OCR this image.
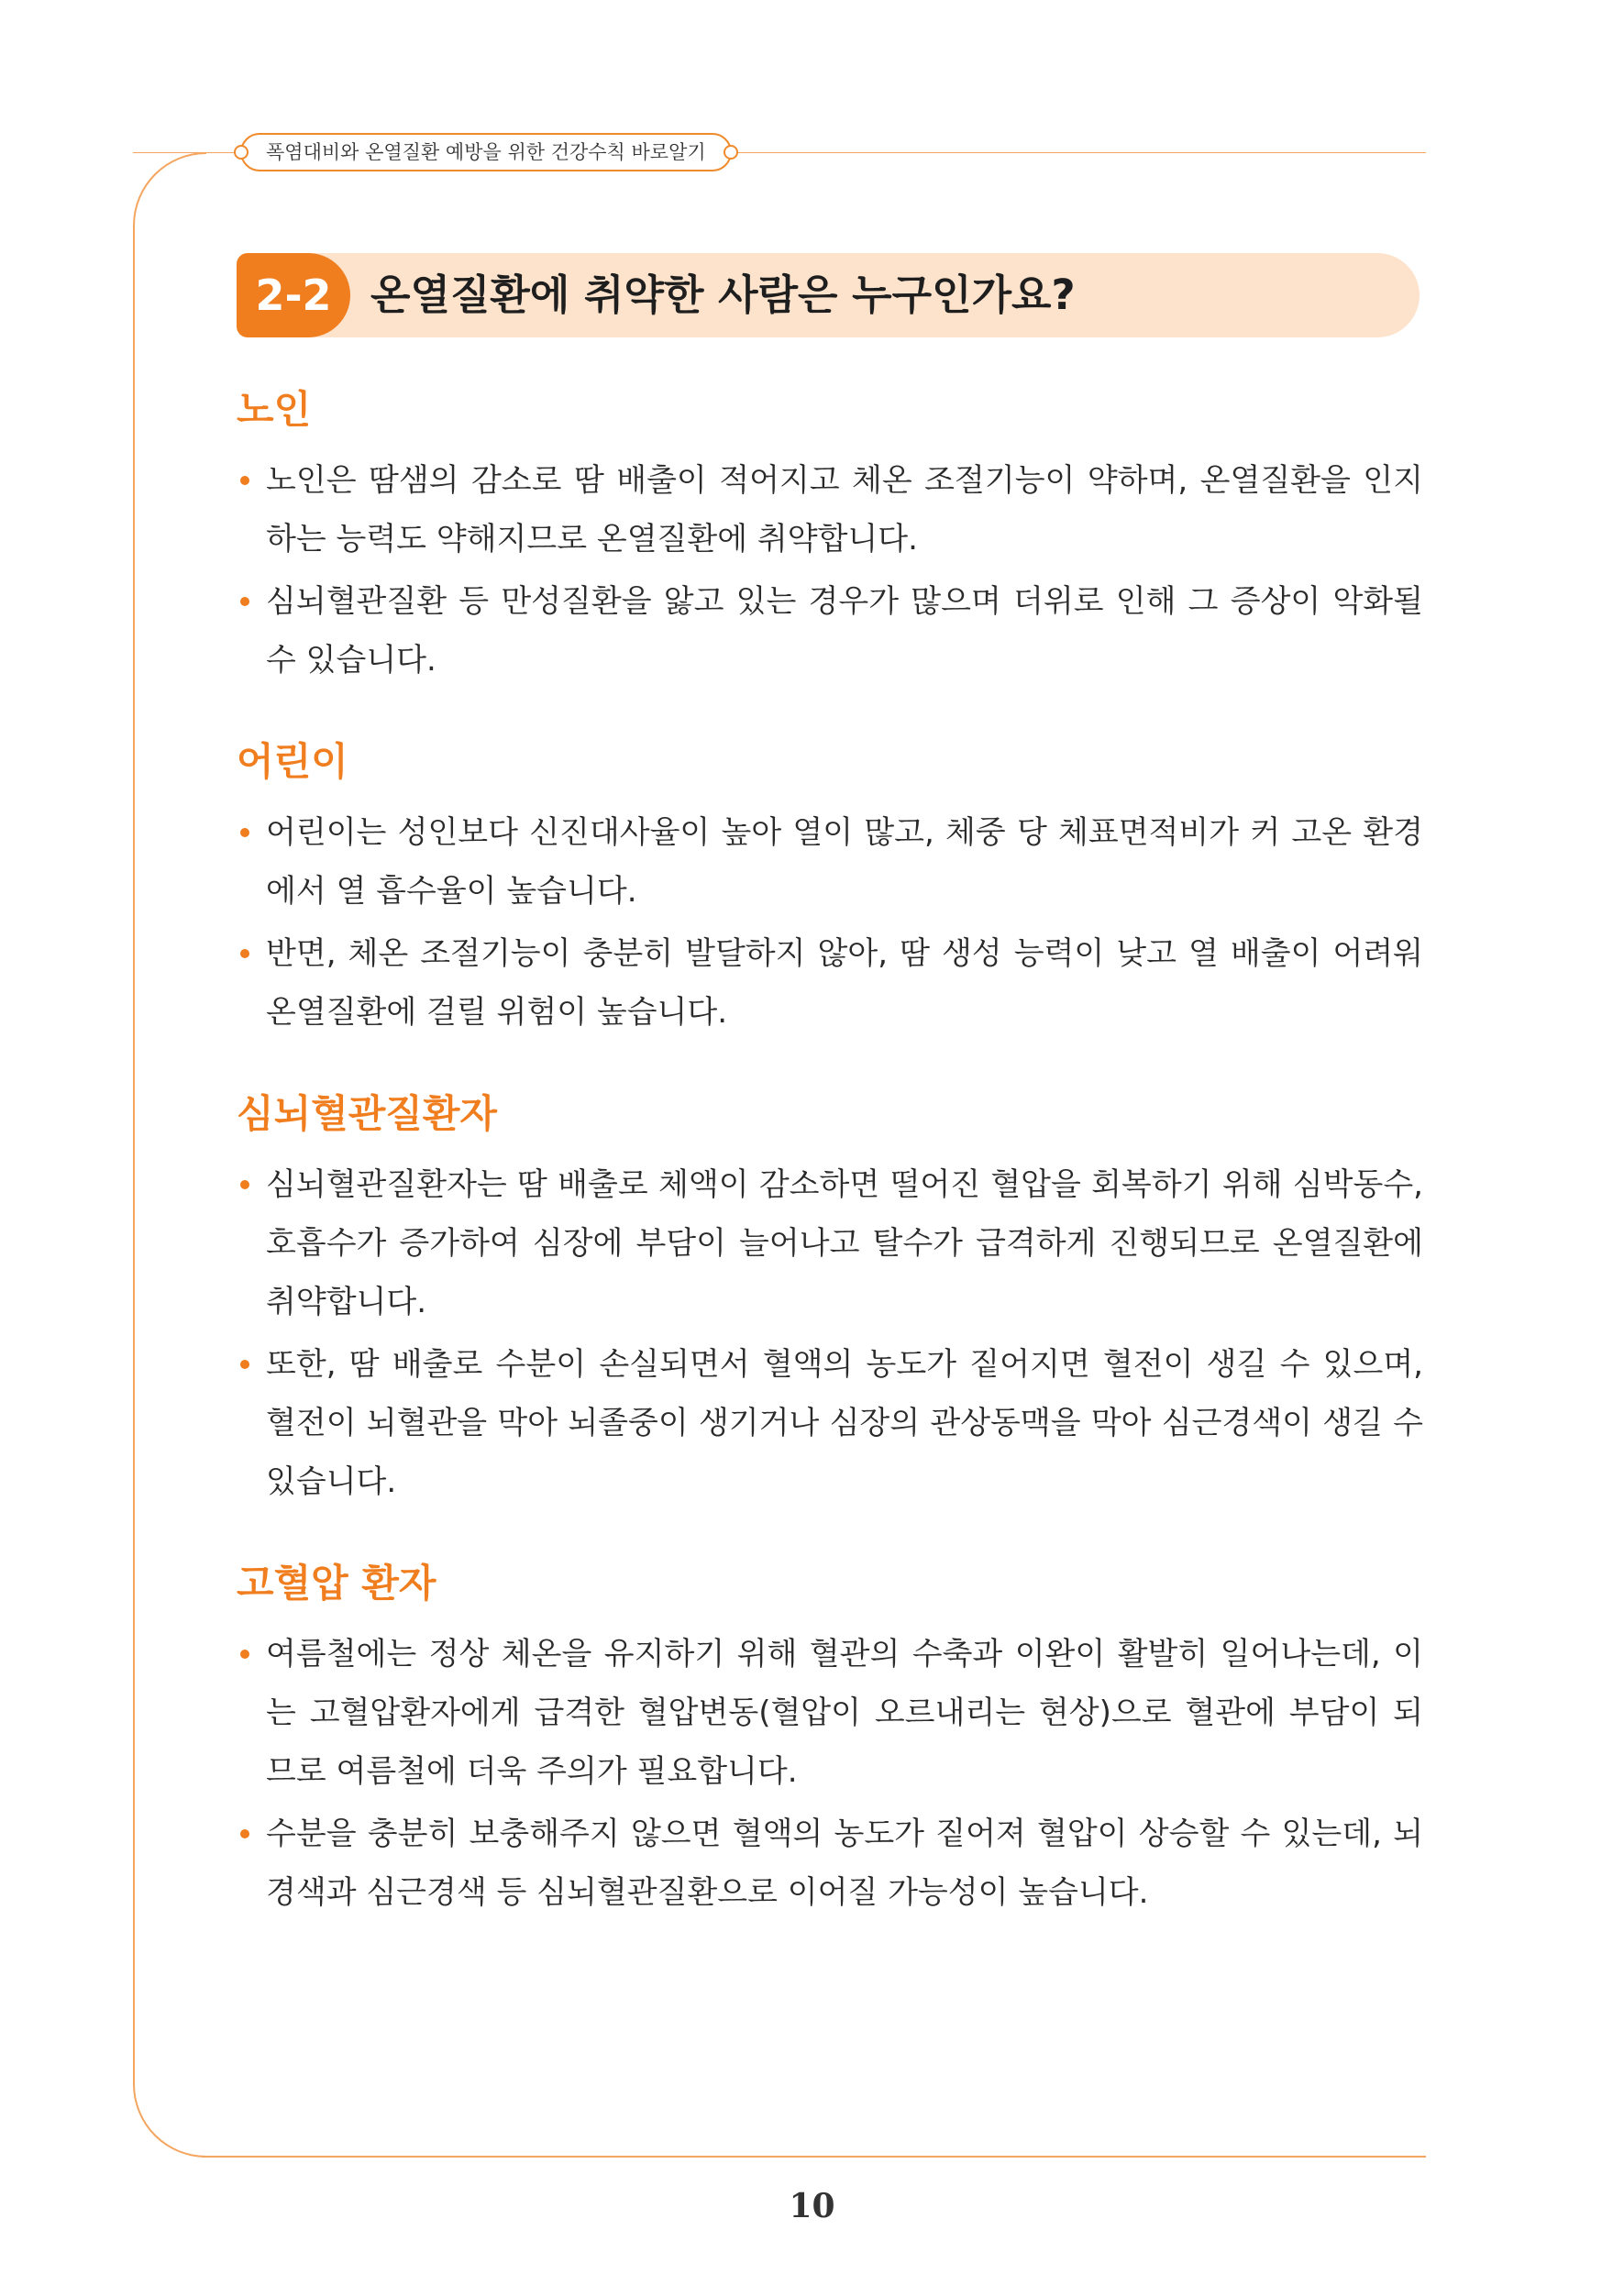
폭염대비와 온열질환 예방을 위한 건강수칙 바로알기
2-2 온열질환에 취약한 사람은 누구인가요?
노인
노인은 땀샘의 감소로 땀 배출이 적어지고 체온 조절기능이 약하며, 온열질환을 인지하는 능력도 약해지므로 온열질환에 취약합니다.
심뇌혈관질환 등 만성질환을 앓고 있는 경우가 많으며 더위로 인해 그 증상이 악화될 수 있습니다.
어린이
어린이는 성인보다 신진대사율이 높아 열이 많고, 체중 당 체표면적비가 커 고온 환경에서 열 흡수율이 높습니다.
반면, 체온 조절기능이 충분히 발달하지 않아, 땀 생성 능력이 낮고 열 배출이 어려워 온열질환에 걸릴 위험이 높습니다.
심뇌혈관질환자
심뇌혈관질환자는 땀 배출로 체액이 감소하면 떨어진 혈압을 회복하기 위해 심박동수, 호흡수가 증가하여 심장에 부담이 늘어나고 탈수가 급격하게 진행되므로 온열질환에 취약합니다.
또한, 땀 배출로 수분이 손실되면서 혈액의 농도가 짙어지면 혈전이 생길 수 있으며, 혈전이 뇌혈관을 막아 뇌졸중이 생기거나 심장의 관상동맥을 막아 심근경색이 생길 수 있습니다.
고혈압 환자
여름철에는 정상 체온을 유지하기 위해 혈관의 수축과 이완이 활발히 일어나는데, 이는 고혈압환자에게 급격한 혈압변동(혈압이 오르내리는 현상)으로 혈관에 부담이 되므로 여름철에 더욱 주의가 필요합니다.
수분을 충분히 보충해주지 않으면 혈액의 농도가 짙어져 혈압이 상승할 수 있는데, 뇌경색과 심근경색 등 심뇌혈관질환으로 이어질 가능성이 높습니다.
10
